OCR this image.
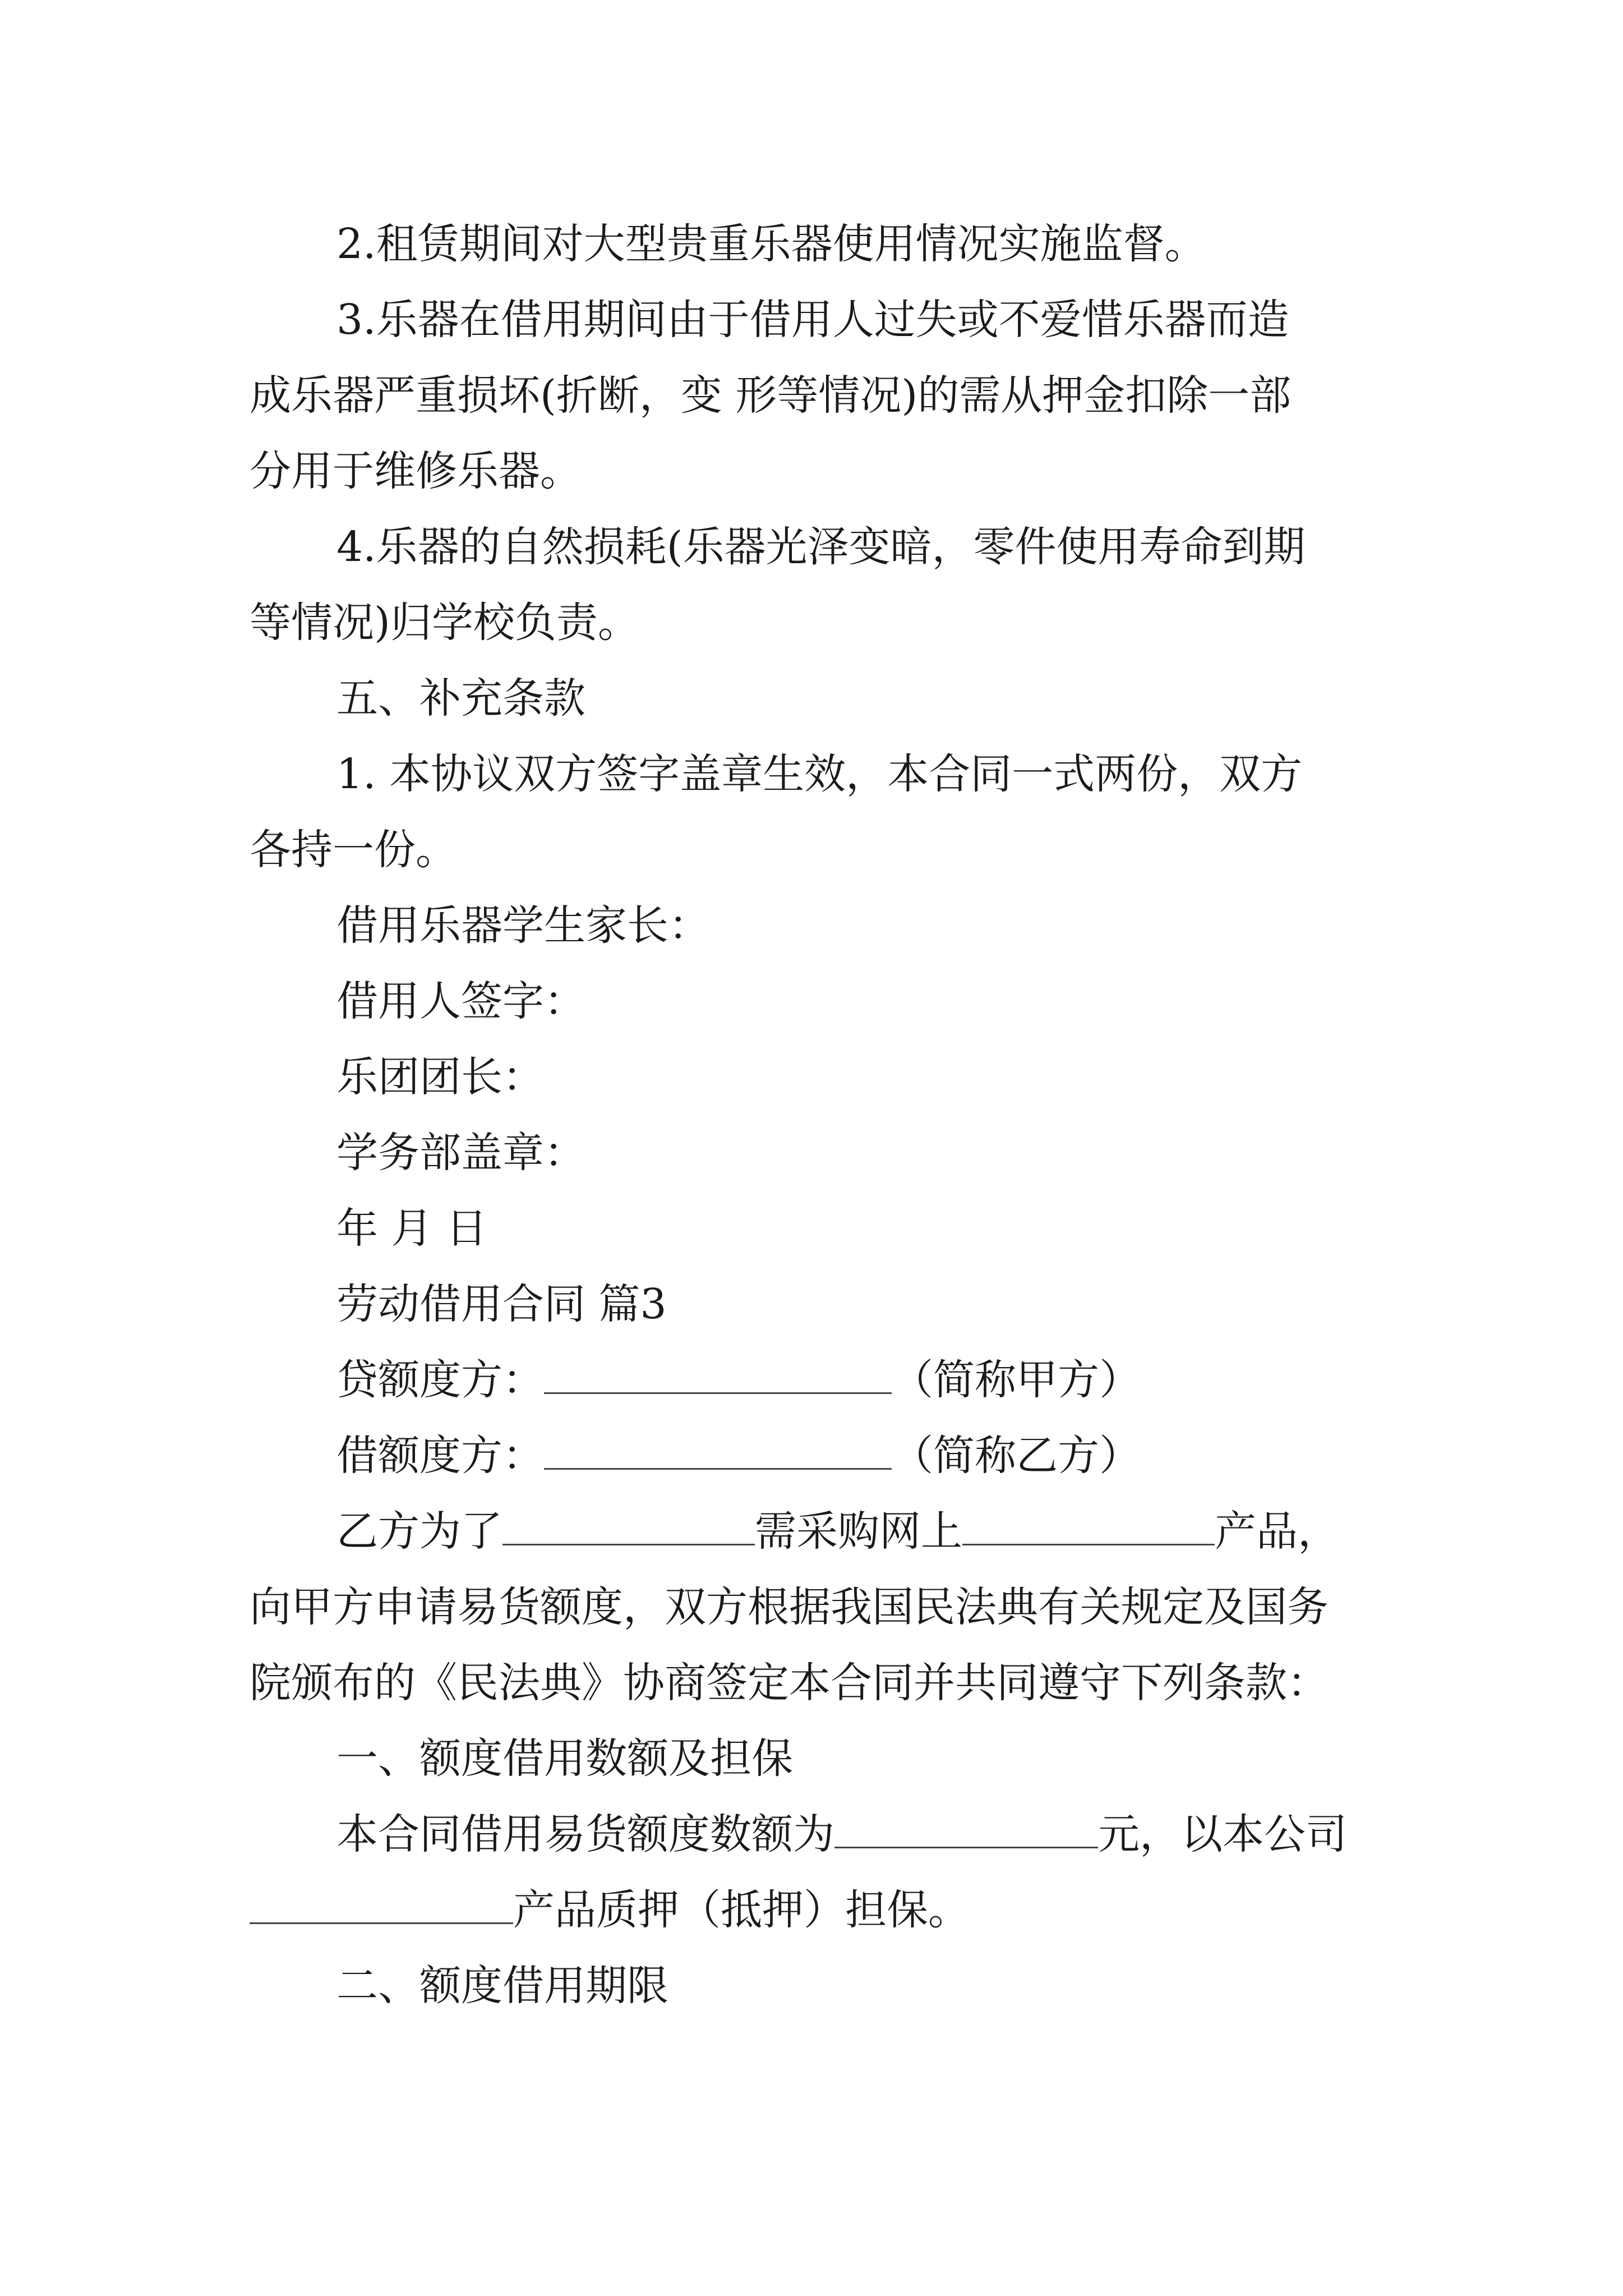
2.租赁期间对大型贵重乐器使用情况实施监督。
3.乐器在借用期间由于借用人过失或不爱惜乐器而造
成乐器严重损坏(折断，变 形等情况)的需从押金扣除一部
分用于维修乐器。
4.乐器的自然损耗(乐器光泽变暗，零件使用寿命到期
等情况)归学校负责。
五、补充条款
1. 本协议双方签字盖章生效，本合同一式两份，双方
各持一份。
借用乐器学生家长：
借用人签字：
乐团团长：
学务部盖章：
年 月 日
劳动借用合同 篇3
贷额度方：	（简称甲方）
借额度方：	（简称乙方）
乙方为了	需采购网上	产品，
向甲方申请易货额度，双方根据我国民法典有关规定及国务
院颁布的《民法典》协商签定本合同并共同遵守下列条款：
一、额度借用数额及担保
本合同借用易货额度数额为	元，以本公司
产品质押（抵押）担保。
二、额度借用期限
